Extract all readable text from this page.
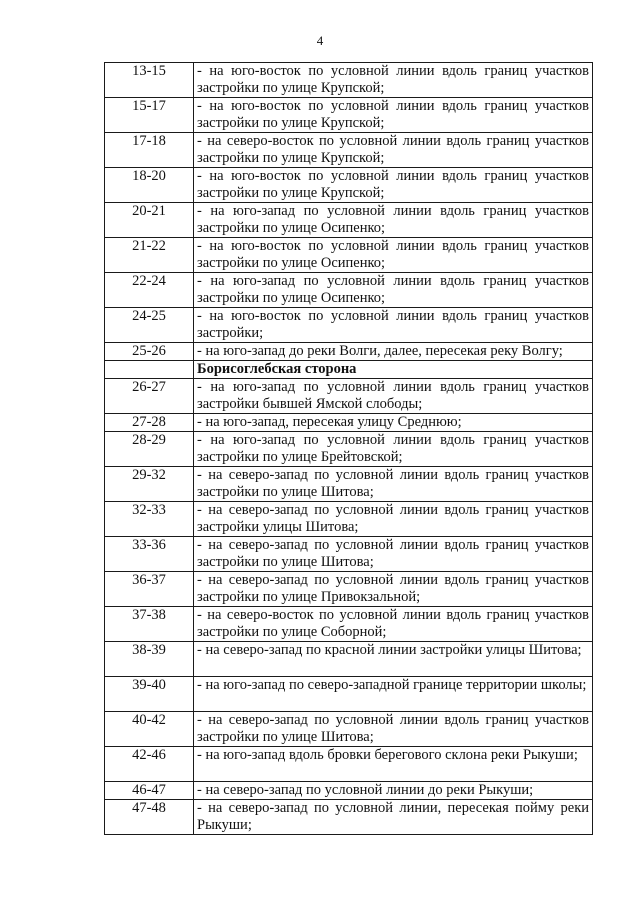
4
13-15	- на юго-восток по условной линии вдоль границ участков застройки по улице Крупской;
15-17	- на юго-восток по условной линии вдоль границ участков застройки по улице Крупской;
17-18	- на северо-восток по условной линии вдоль границ участков застройки по улице Крупской;
18-20	- на юго-восток по условной линии вдоль границ участков застройки по улице Крупской;
20-21	- на юго-запад по условной линии вдоль границ участков застройки по улице Осипенко;
21-22	- на юго-восток по условной линии вдоль границ участков застройки по улице Осипенко;
22-24	- на юго-запад по условной линии вдоль границ участков застройки по улице Осипенко;
24-25	- на юго-восток по условной линии вдоль границ участков застройки;
25-26	- на юго-запад до реки Волги, далее, пересекая реку Волгу;
	Борисоглебская сторона
26-27	- на юго-запад по условной линии вдоль границ участков застройки бывшей Ямской слободы;
27-28	- на юго-запад, пересекая улицу Среднюю;
28-29	- на юго-запад по условной линии вдоль границ участков застройки по улице Брейтовской;
29-32	- на северо-запад по условной линии вдоль границ участков застройки по улице Шитова;
32-33	- на северо-запад по условной линии вдоль границ участков застройки улицы Шитова;
33-36	- на северо-запад по условной линии вдоль границ участков застройки по улице Шитова;
36-37	- на северо-запад по условной линии вдоль границ участков застройки по улице Привокзальной;
37-38	- на северо-восток по условной линии вдоль границ участков застройки по улице Соборной;
38-39	- на северо-запад по красной линии застройки улицы Шитова;
39-40	- на юго-запад по северо-западной границе территории школы;
40-42	- на северо-запад по условной линии вдоль границ участков застройки по улице Шитова;
42-46	- на юго-запад вдоль бровки берегового склона реки Рыкуши;
46-47	- на северо-запад по условной линии до реки Рыкуши;
47-48	- на северо-запад по условной линии, пересекая пойму реки Рыкуши;
